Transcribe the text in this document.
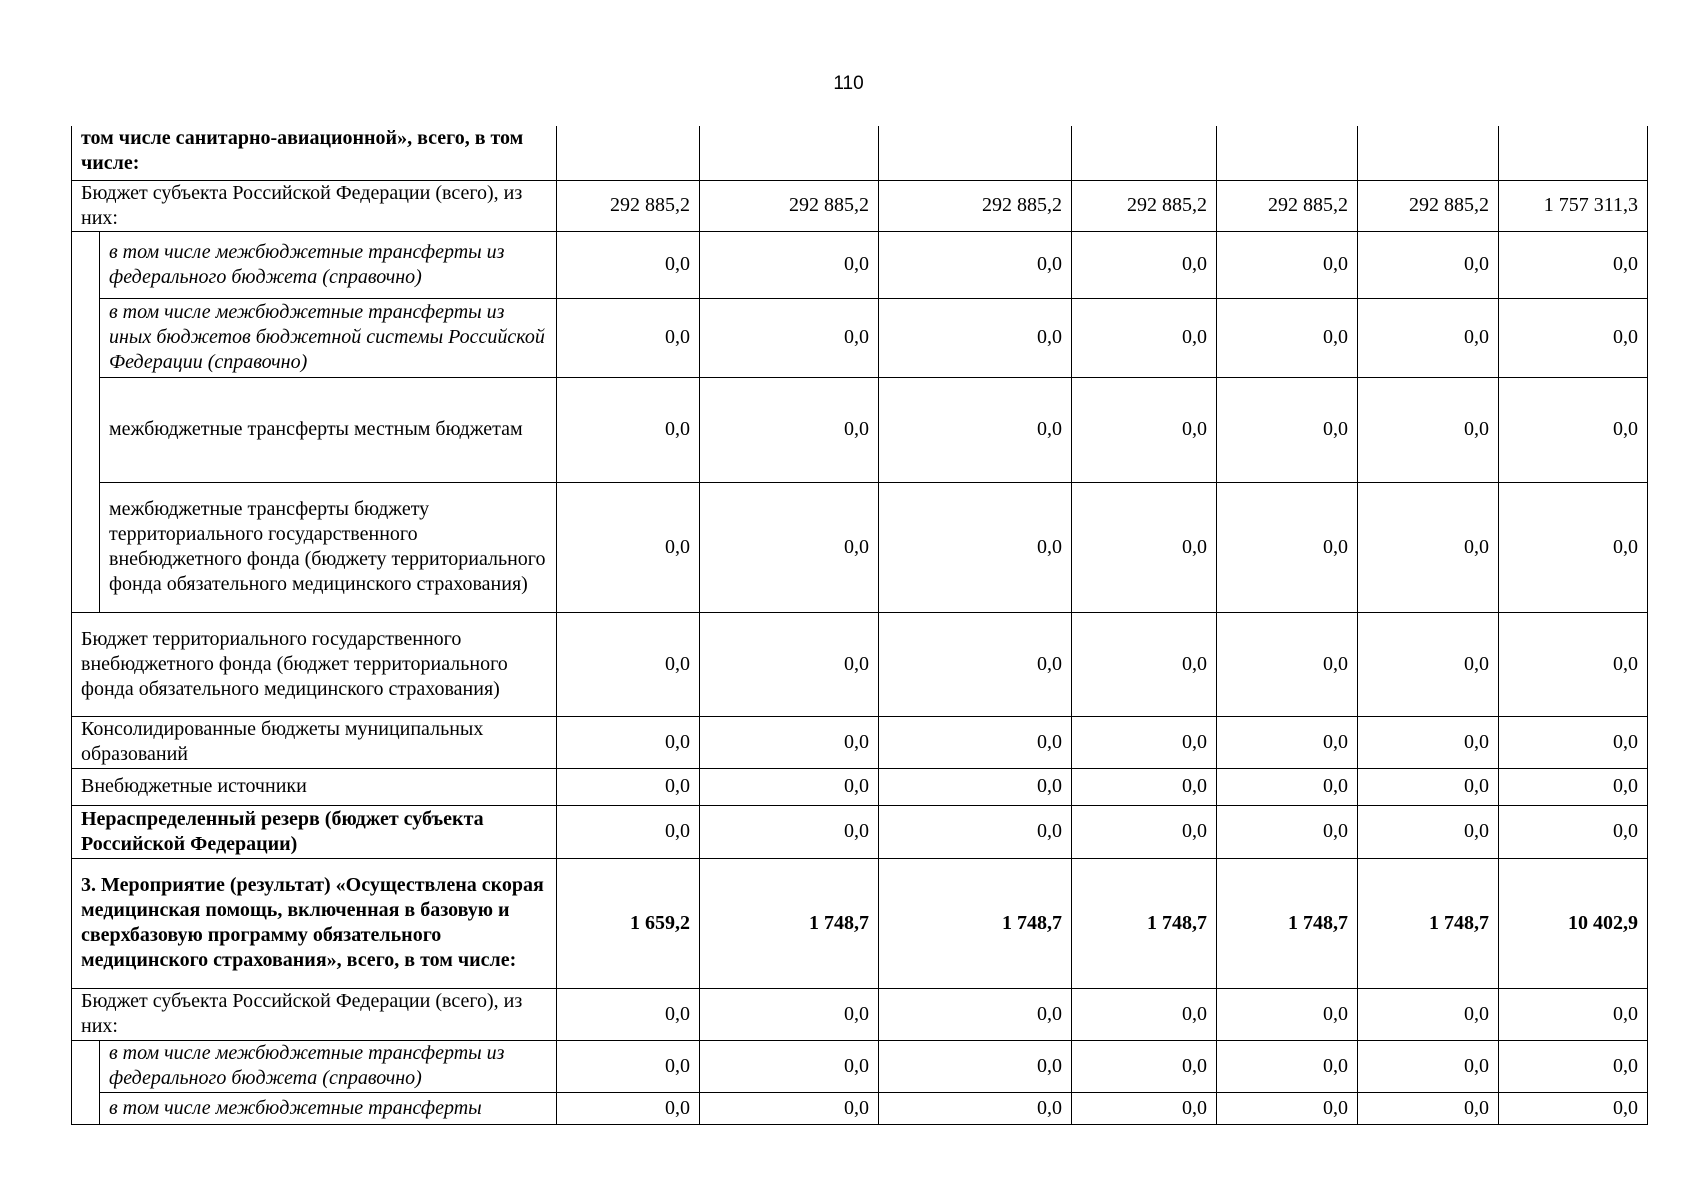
110
том числе санитарно-авиационной», всего, в том числе:								
Бюджет субъекта Российской Федерации (всего), из них:		292 885,2	292 885,2	292 885,2	292 885,2	292 885,2	292 885,2	1 757 311,3
	в том числе межбюджетные трансферты из федерального бюджета (справочно)	0,0	0,0	0,0	0,0	0,0	0,0	0,0
	в том числе межбюджетные трансферты из иных бюджетов бюджетной системы Российской Федерации (справочно)	0,0	0,0	0,0	0,0	0,0	0,0	0,0
	межбюджетные трансферты местным бюджетам	0,0	0,0	0,0	0,0	0,0	0,0	0,0
	межбюджетные трансферты бюджету территориального государственного внебюджетного фонда (бюджету территориального фонда обязательного медицинского страхования)	0,0	0,0	0,0	0,0	0,0	0,0	0,0
Бюджет территориального государственного внебюджетного фонда (бюджет территориального фонда обязательного медицинского страхования)		0,0	0,0	0,0	0,0	0,0	0,0	0,0
Консолидированные бюджеты муниципальных образований		0,0	0,0	0,0	0,0	0,0	0,0	0,0
Внебюджетные источники		0,0	0,0	0,0	0,0	0,0	0,0	0,0
Нераспределенный резерв (бюджет субъекта Российской Федерации)		0,0	0,0	0,0	0,0	0,0	0,0	0,0
3. Мероприятие (результат) «Осуществлена скорая медицинская помощь, включенная в базовую и сверхбазовую программу обязательного медицинского страхования», всего, в том числе:		1 659,2	1 748,7	1 748,7	1 748,7	1 748,7	1 748,7	10 402,9
Бюджет субъекта Российской Федерации (всего), из них:		0,0	0,0	0,0	0,0	0,0	0,0	0,0
	в том числе межбюджетные трансферты из федерального бюджета (справочно)	0,0	0,0	0,0	0,0	0,0	0,0	0,0
	в том числе межбюджетные трансферты	0,0	0,0	0,0	0,0	0,0	0,0	0,0
